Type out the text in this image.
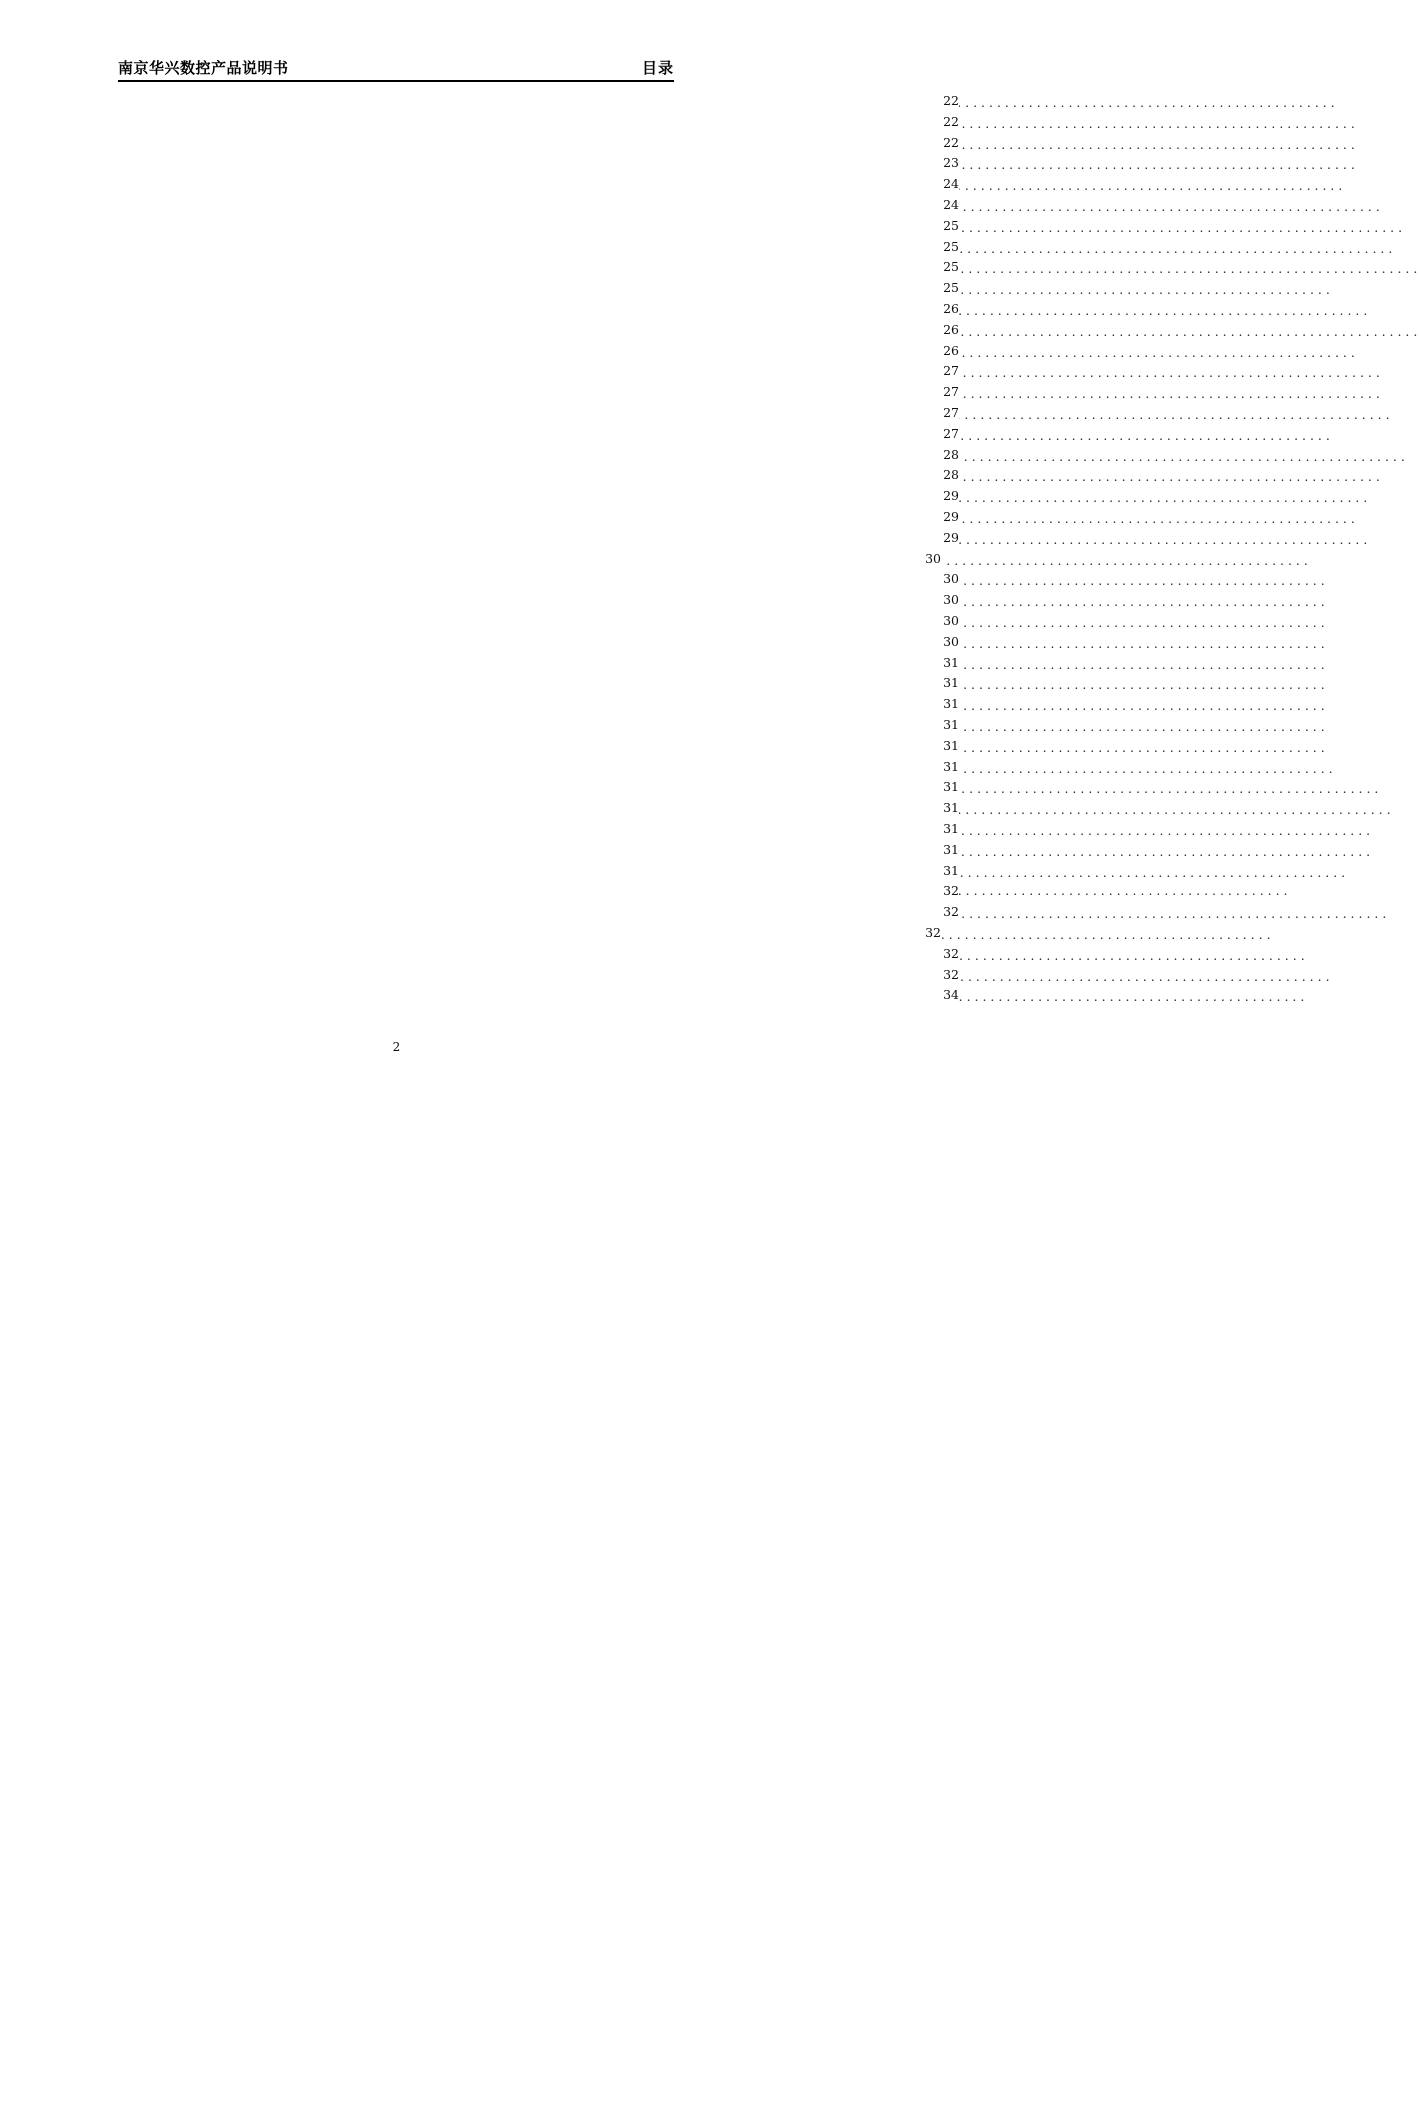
南京华兴数控产品说明书	目录
. . .
22
. . .
22
. . .
22
. . .
23
. . .
24
. . .
24
. . .
25
. . .
25
. . .
25
. . .
25
. . .
26
. . .
26
. . .
26
. . .
27
. . .
27
. . .
27
. . .
27
. . .
28
. . .
28
. . .
29
. . .
29
. . .
29
. . .
30
. . .
30
. . .
30
. . .
30
. . .
30
. . .
31
. . .
31
. . .
31
. . .
31
. . .
31
. . .
31
. . .
31
. . .
31
. . .
31
. . .
31
. . .
31
. . .
32
. . .
32
. . .
32
. . .
32
. . .
32
. . .
34
2
